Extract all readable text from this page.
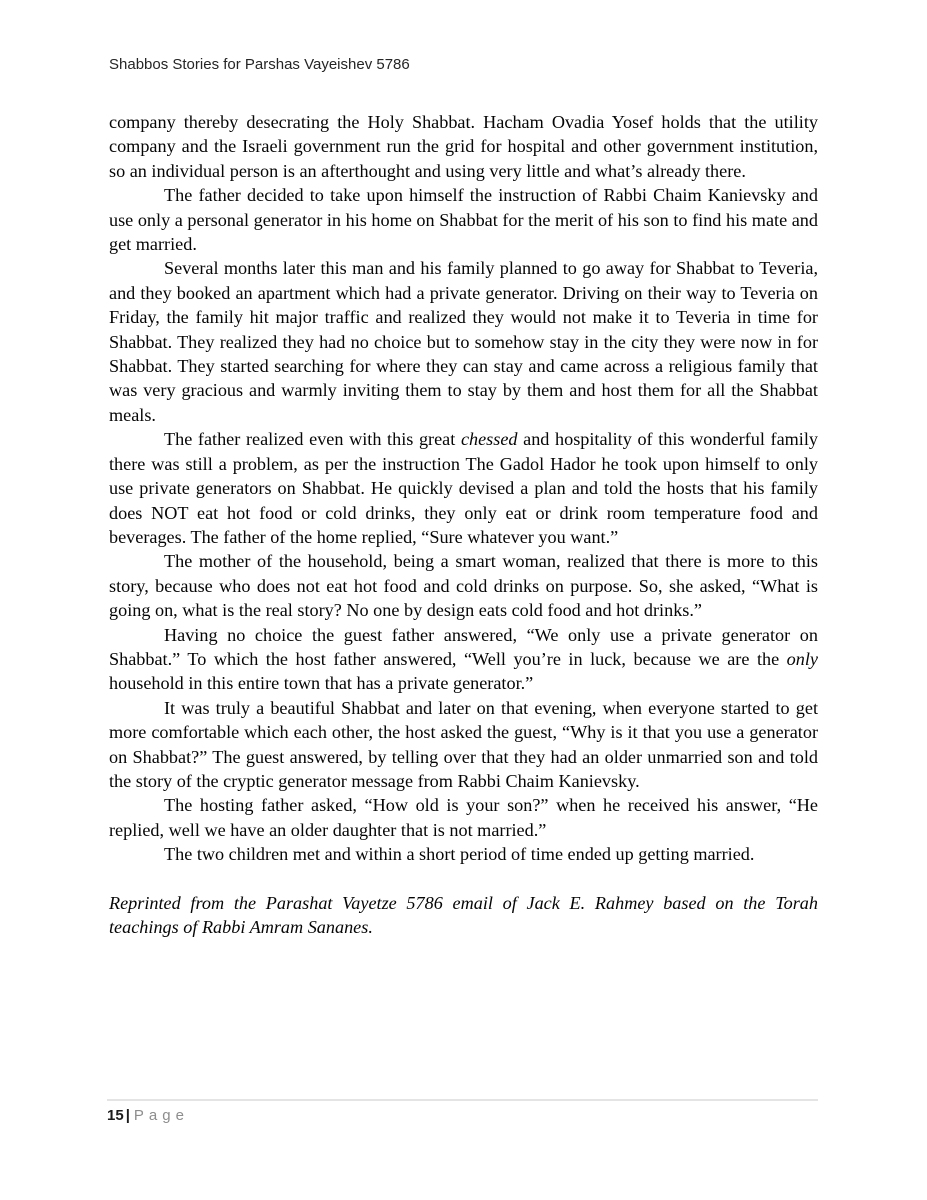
Shabbos Stories for Parshas Vayeishev 5786

company thereby desecrating the Holy Shabbat. Hacham Ovadia Yosef holds that the utility company and the Israeli government run the grid for hospital and other government institution, so an individual person is an afterthought and using very little and what’s already there.

The father decided to take upon himself the instruction of Rabbi Chaim Kanievsky and use only a personal generator in his home on Shabbat for the merit of his son to find his mate and get married.

Several months later this man and his family planned to go away for Shabbat to Teveria, and they booked an apartment which had a private generator. Driving on their way to Teveria on Friday, the family hit major traffic and realized they would not make it to Teveria in time for Shabbat. They realized they had no choice but to somehow stay in the city they were now in for Shabbat. They started searching for where they can stay and came across a religious family that was very gracious and warmly inviting them to stay by them and host them for all the Shabbat meals.

The father realized even with this great chessed and hospitality of this wonderful family there was still a problem, as per the instruction The Gadol Hador he took upon himself to only use private generators on Shabbat. He quickly devised a plan and told the hosts that his family does NOT eat hot food or cold drinks, they only eat or drink room temperature food and beverages. The father of the home replied, “Sure whatever you want.”

The mother of the household, being a smart woman, realized that there is more to this story, because who does not eat hot food and cold drinks on purpose. So, she asked, “What is going on, what is the real story? No one by design eats cold food and hot drinks.”

Having no choice the guest father answered, “We only use a private generator on Shabbat.” To which the host father answered, “Well you’re in luck, because we are the only household in this entire town that has a private generator.”

It was truly a beautiful Shabbat and later on that evening, when everyone started to get more comfortable which each other, the host asked the guest, “Why is it that you use a generator on Shabbat?” The guest answered, by telling over that they had an older unmarried son and told the story of the cryptic generator message from Rabbi Chaim Kanievsky.

The hosting father asked, “How old is your son?” when he received his answer, “He replied, well we have an older daughter that is not married.”

The two children met and within a short period of time ended up getting married.

Reprinted from the Parashat Vayetze 5786 email of Jack E. Rahmey based on the Torah teachings of Rabbi Amram Sananes.

15 | Page
